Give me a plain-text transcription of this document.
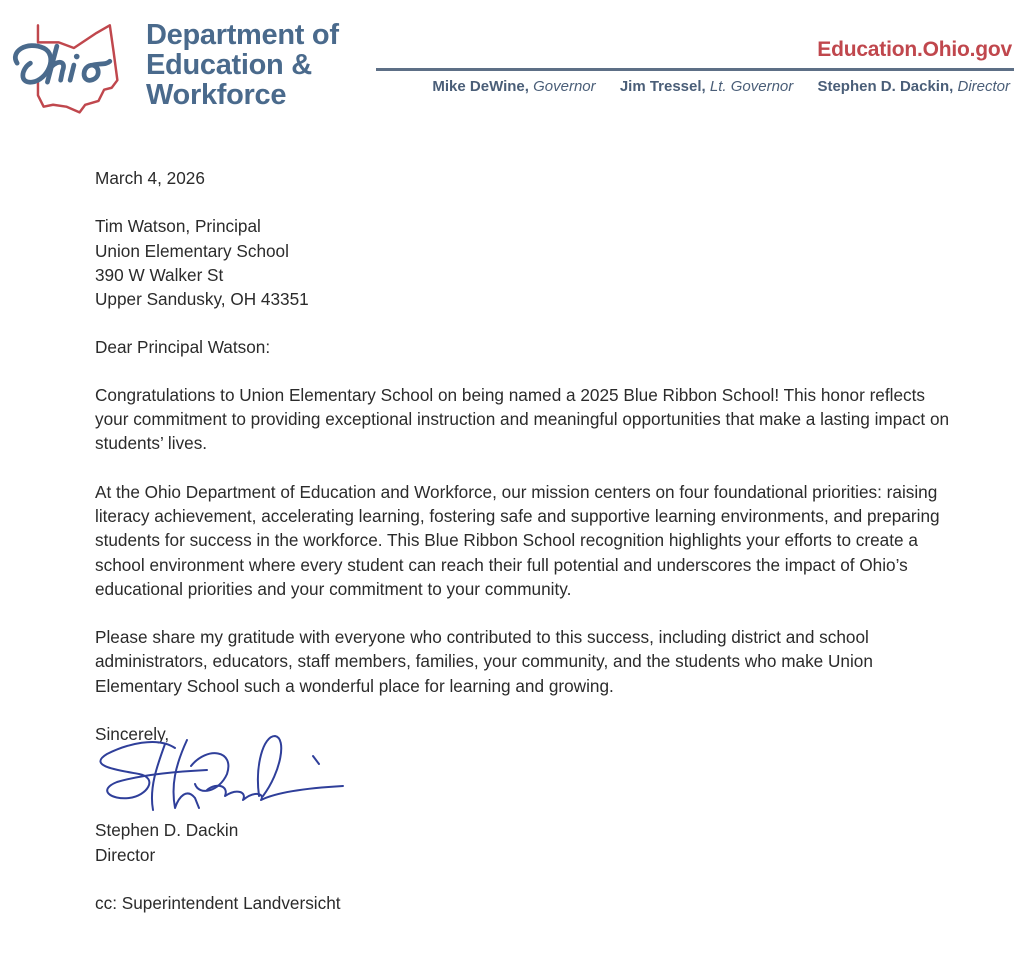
Department of
Education &
Workforce
Education.Ohio.gov
Mike DeWine, Governor Jim Tressel, Lt. Governor Stephen D. Dackin, Director

March 4, 2026

Tim Watson, Principal

Union Elementary School

390 W Walker St

Upper Sandusky, OH 43351

Dear Principal Watson:

Congratulations to Union Elementary School on being named a 2025 Blue Ribbon School! This honor reflects your commitment to providing exceptional instruction and meaningful opportunities that make a lasting impact on students’ lives.

At the Ohio Department of Education and Workforce, our mission centers on four foundational priorities: raising literacy achievement, accelerating learning, fostering safe and supportive learning environments, and preparing students for success in the workforce. This Blue Ribbon School recognition highlights your efforts to create a school environment where every student can reach their full potential and underscores the impact of Ohio’s educational priorities and your commitment to your community.

Please share my gratitude with everyone who contributed to this success, including district and school administrators, educators, staff members, families, your community, and the students who make Union Elementary School such a wonderful place for learning and growing.

Sincerely,

Stephen D. Dackin

Director

cc: Superintendent Landversicht
